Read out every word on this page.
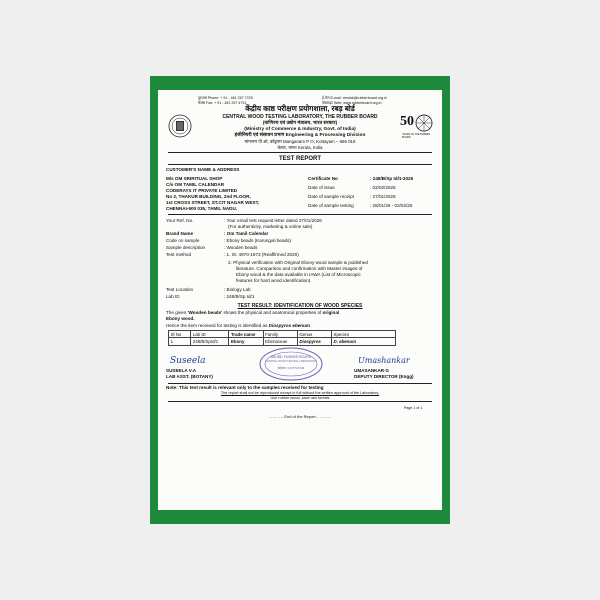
दूरभाष Phone: + 91 - 481 257 7378
फैक्स Fax: + 91 - 481 257 4731
ई-मेल E-mail: rrimlab@rubberboard.org.in
वेबसाइट Web: www.rubberboard.org.in
केंद्रीय काष्ठ परीक्षण प्रयोगशाला, रबड़ बोर्ड
CENTRAL WOOD TESTING LABORATORY, THE RUBBER BOARD
(वाणिज्य एवं उद्योग मंत्रालय, भारत सरकार)
(Ministry of Commerce & Industry, Govt. of India)
इंजीनियरी एवं संसाधन प्रभाग Engineering & Processing Division
मांगानम पी ओ, कोट्टयम Manganam P O, Kottayam – 686 018
केरल, भारत Kerala, India
50
YEARS OF THE RUBBER BOARD
TEST REPORT
CUSTOMER'S NAME & ADDRESS
M/s OM SRIRITUAL SHOP
C/o OM TAMIL CALENDAR
CODERAYS IT PRIVATE LIMITED
No 2, THAKUR BUILDING, 2nd FLOOR,
1st CROSS STREET, ST.CIT NAGAR WEST,
CHENNAI-600 035, TAMIL NADU.
Certificate No	: 248/B/Sp Id/1-2026
Date of issue	: 02/02/2026
Date of sample receipt	: 27/01/2026
Date of sample testing	: 28/01/26 - 02/02/26
Your Ref. No.	: Your email test request letter dated 27/01/2026
(For authenticity, marketing & online sale)
Brand Name	: Om Tamil Calendar
Code on sample	: Ebony beads (Karungali beads)
Sample description	: Wooden beads
Test method	: 1. IS: 4970-1973 (Reaffirmed 2020)
2. Physical verification with Original Ebony wood sample & published
literature. Comparison and confirmation with Master images of
Ebony wood & the data available in IAWA (List of Microscopic
features for hard wood identification).
Test Location	: Biology Lab
Lab ID	: 248/B/Sp Id/1
TEST RESULT: IDENTIFICATION OF WOOD SPECIES
The given 'Wooden beads' shows the physical and anatomical properties of original
Ebony wood.
Hence the item received for testing is identified as Diospyros ebenum
Sl No	Lab ID	Trade name	Family	Genus	Species
1	248/B/SpId/1	Ebony	Ebenaceae	Diospyros	D. ebenum
Suseela
SUSEELA V.A
LAB ASST. (BOTANY)
रबड़ बोर्ड / RUBBER BOARD
CENTRAL WOOD TESTING LABORATORY
कोट्टयम / KOTTAYAM
Umashankar
UMASANKAR G
DEPUTY DIRECTOR (Engg)
Note: This test result is relevant only to the samples received for testing
The report shall not be reproduced except in full without the written approval of the Laboratory.
Use rubber wood, save rain forests
Page 1 of 1
…………End of the Report…………
